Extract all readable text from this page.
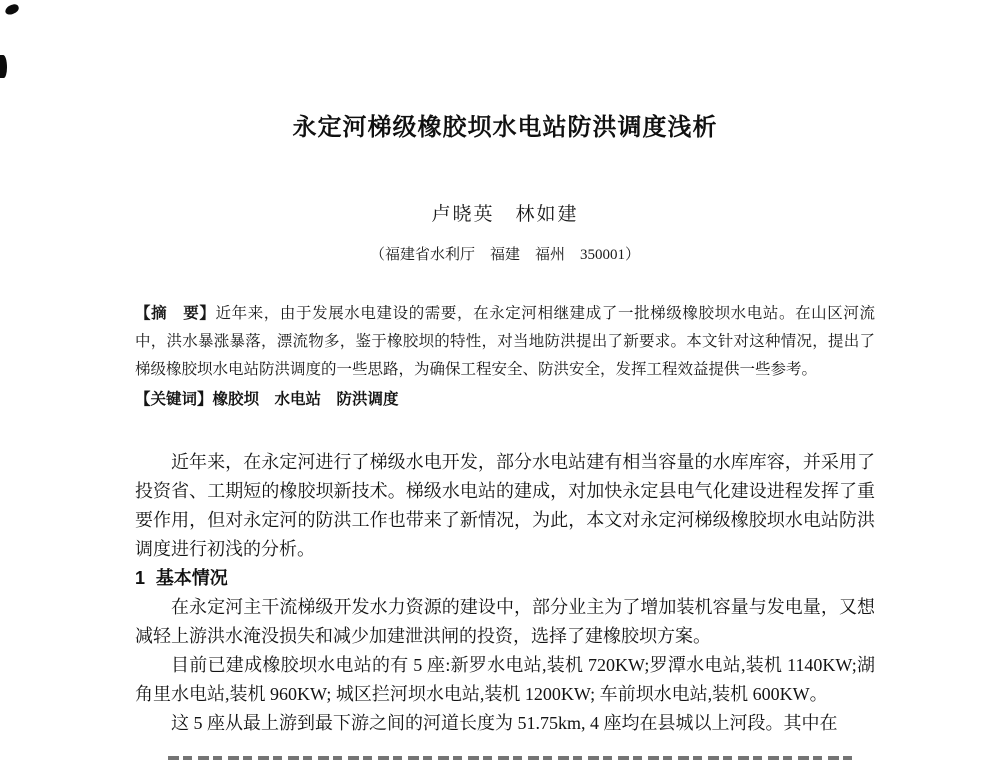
永定河梯级橡胶坝水电站防洪调度浅析
卢晓英　林如建
（福建省水利厅　福建　福州　350001）
【摘　要】近年来，由于发展水电建设的需要，在永定河相继建成了一批梯级橡胶坝水电站。在山区河流中，洪水暴涨暴落，漂流物多，鉴于橡胶坝的特性，对当地防洪提出了新要求。本文针对这种情况，提出了梯级橡胶坝水电站防洪调度的一些思路，为确保工程安全、防洪安全，发挥工程效益提供一些参考。
【关键词】橡胶坝　水电站　防洪调度

近年来，在永定河进行了梯级水电开发，部分水电站建有相当容量的水库库容，并采用了投资省、工期短的橡胶坝新技术。梯级水电站的建成，对加快永定县电气化建设进程发挥了重要作用，但对永定河的防洪工作也带来了新情况，为此，本文对永定河梯级橡胶坝水电站防洪调度进行初浅的分析。

1 基本情况

在永定河主干流梯级开发水力资源的建设中，部分业主为了增加装机容量与发电量，又想减轻上游洪水淹没损失和减少加建泄洪闸的投资，选择了建橡胶坝方案。

目前已建成橡胶坝水电站的有 5 座:新罗水电站,装机 720KW;罗潭水电站,装机 1140KW;湖角里水电站,装机 960KW; 城区拦河坝水电站,装机 1200KW; 车前坝水电站,装机 600KW。

这 5 座从最上游到最下游之间的河道长度为 51.75km, 4 座均在县城以上河段。其中在
